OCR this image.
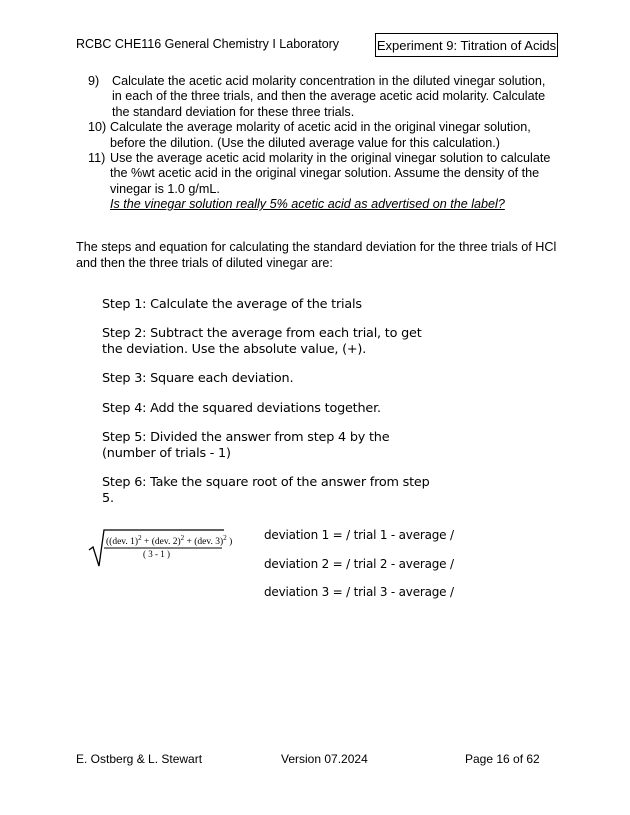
RCBC CHE116 General Chemistry I Laboratory	Experiment 9: Titration of Acids

9) Calculate the acetic acid molarity concentration in the diluted vinegar solution, in each of the three trials, and then the average acetic acid molarity. Calculate the standard deviation for these three trials.

10) Calculate the average molarity of acetic acid in the original vinegar solution, before the dilution. (Use the diluted average value for this calculation.)

11) Use the average acetic acid molarity in the original vinegar solution to calculate the %wt acetic acid in the original vinegar solution. Assume the density of the vinegar is 1.0 g/mL.
Is the vinegar solution really 5% acetic acid as advertised on the label?

The steps and equation for calculating the standard deviation for the three trials of HCl and then the three trials of diluted vinegar are:

Step 1: Calculate the average of the trials

Step 2: Subtract the average from each trial, to get the deviation. Use the absolute value, (+).

Step 3: Square each deviation.

Step 4: Add the squared deviations together.

Step 5: Divided the answer from step 4 by the (number of trials - 1)

Step 6: Take the square root of the answer from step 5.

((dev. 1)$^2$ + (dev. 2)$^2$ + (dev. 3)$^2$ )
( 3 - 1 )

deviation 1 = / trial 1 - average /

deviation 2 = / trial 2 - average /

deviation 3 = / trial 3 - average /

E. Ostberg & L. Stewart	Version 07.2024	Page 16 of 62
